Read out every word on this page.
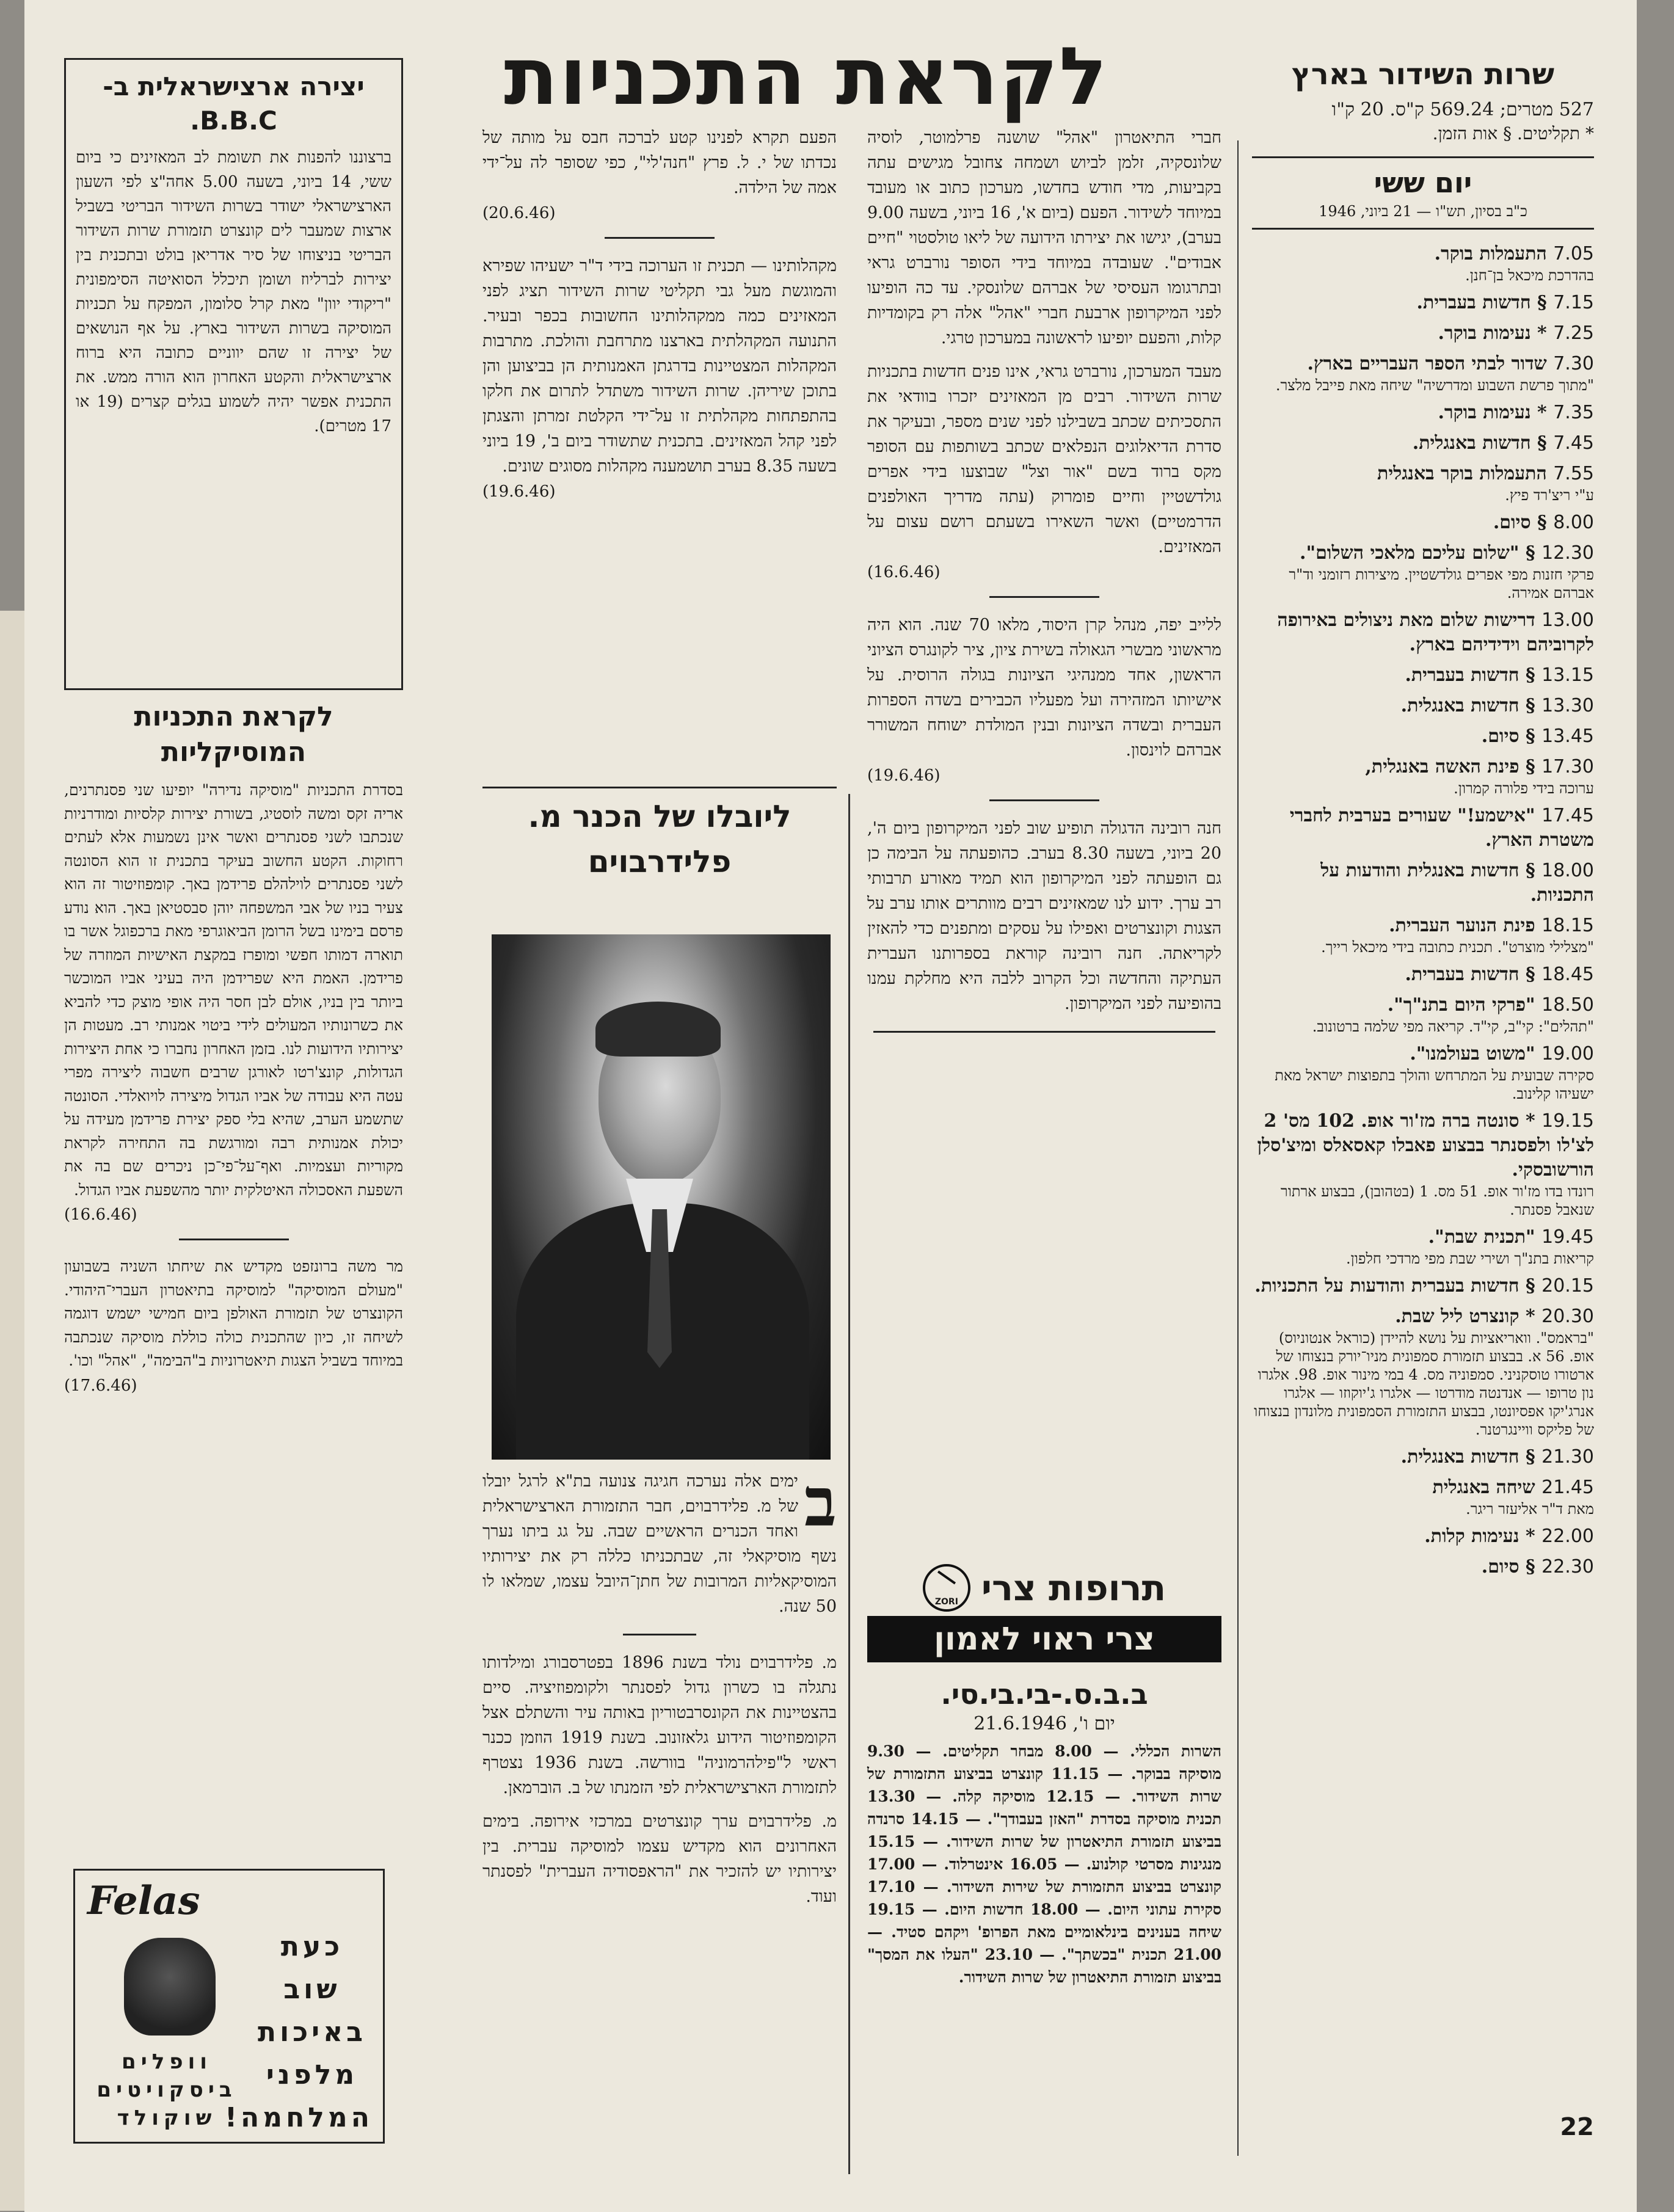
לקראת התכניות	שרות השידור בארץ
527 מטרים; 569.24 ק"ס. 20 ק"ו
* תקליטים. § אות הזמן.
יום ששי
כ"ב בסיון, תש"ו — 21 ביוני, 1946
7.05 התעמלות בוקר.
בהדרכת מיכאל בן־חנן.
7.15 § חדשות בעברית.
7.25 * נעימות בוקר.
7.30 שדור לבתי הספר העבריים בארץ.
"מתוך פרשת השבוע ומדרשיה" שיחה מאת פייבל מלצר.
7.35 * נעימות בוקר.
7.45 § חדשות באנגלית.
7.55 התעמלות בוקר באנגלית
ע"י ריצ'רד פיץ.
8.00 § סיום.
12.30 § "שלום עליכם מלאכי השלום".
פרקי חזנות מפי אפרים גולדשטיין. מיצירות רזומני וד"ר אברהם אמירה.
13.00 דרישות שלום מאת ניצולים באירופה לקרוביהם וידידיהם בארץ.
13.15 § חדשות בעברית.
13.30 § חדשות באנגלית.
13.45 § סיום.
17.30 § פינת האשה באנגלית,
ערוכה בידי פלורה קמרון.
17.45 "אישמע!" שעורים בערבית לחברי משטרת הארץ.
18.00 § חדשות באנגלית והודעות על התכניות.
18.15 פינת הנוער העברית.
"מצלילי מוצרט". תכנית כתובה בידי מיכאל רייך.
18.45 § חדשות בעברית.
18.50 "פרקי היום בתנ"ך".
"תהלים": קי"ב, קי"ד. קריאה מפי שלמה ברטונוב.
19.00 "משוט בעולמנו".
סקירה שבועית על המתרחש והולך בתפוצות ישראל מאת ישעיהו קלינוב.
19.15 * סונטה ברה מז'ור אופ. 102 מס' 2 לצ'לו ולפסנתר בבצוע פאבלו קאסאלס ומיצ'סלן הורשובסקי.
רונדו בדו מז'ור אופ. 51 מס. 1 (בטהובן), בבצוע ארתור שנאבל פסנתר.
19.45 "תכנית שבת".
קריאות בתנ"ך ושירי שבת מפי מרדכי חלפון.
20.15 § חדשות בעברית והודעות על התכניות.
20.30 * קונצרט ליל שבת.
"בראמס". וואריאציות על נושא להיידן (כוראל אנטוניוס) אופ. 56 א. בבצוע תזמורת סמפונית מניו־יורק בנצוחו של ארטורו טוסקניני. סמפוניה מס. 4 במי מינור אופ. 98. אלגרו נון טרופו — אנדנטה מודרטו — אלגרו ג'יוקוזו — אלגרו אנרג'יקו אפסיונטו, בבצוע התזמורת הסמפונית מלונדון בנצוחו של פליקס וויינגרטנר.
21.30 § חדשות באנגלית.
21.45 שיחה באנגלית
מאת ד"ר אליעזר ריגר.
22.00 * נעימות קלות.
22.30 § סיום.

חברי התיאטרון "אהל" שושנה פרלמוטר, לוסיה שלונסקיה, זלמן לביוש ושמחה צחובל מגישים עתה בקביעות, מדי חודש בחדשו, מערכון כתוב או מעובד במיוחד לשידור. הפעם (ביום א', 16 ביוני, בשעה 9.00 בערב), יגישו את יצירתו הידועה של ליאו טולסטוי "חיים אבודים". שעובדה במיוחד בידי הסופר נורברט גראי ובתרגומו העסיסי של אברהם שלונסקי. עד כה הופיעו לפני המיקרופון ארבעת חברי "אהל" אלה רק בקומדיות קלות, והפעם יופיעו לראשונה במערכון טרגי.

מעבד המערכון, נורברט גראי, אינו פנים חדשות בתכניות שרות השידור. רבים מן המאזינים יזכרו בוודאי את התסכיתים שכתב בשבילנו לפני שנים מספר, ובעיקר את סדרת הדיאלוגים הנפלאים שכתב בשותפות עם הסופר מקס ברוד בשם "אור וצל" שבוצעו בידי אפרים גולדשטיין וחיים פומרוק (עתה מדריך האולפנים הדרמטיים) ואשר השאירו בשעתם רושם עצום על המאזינים.

(16.6.46)

ללייב יפה, מנהל קרן היסוד, מלאו 70 שנה. הוא היה מראשוני מבשרי הגאולה בשירת ציון, ציר לקונגרס הציוני הראשון, אחד ממנהיגי הציונות בגולה הרוסית. על אישיותו המזהירה ועל מפעליו הכבירים בשדה הספרות העברית ובשדה הציונות ובנין המולדת ישוחח המשורר אברהם לוינסון.

(19.6.46)

חנה רובינה הדגולה תופיע שוב לפני המיקרופון ביום ה', 20 ביוני, בשעה 8.30 בערב. כהופעתה על הבימה כן גם הופעתה לפני המיקרופון הוא תמיד מאורע תרבותי רב ערך. ידוע לנו שמאזינים רבים מוותרים אותו ערב על הצגות וקונצרטים ואפילו על עסקים ומתפנים כדי להאזין לקריאתה. חנה רובינה קוראת בספרותנו העברית העתיקה והחדשה וכל הקרוב ללבה היא מחלקת עמנו בהופיעה לפני המיקרופון.

תרופות צרי
ZORI
צרי ראוי לאמון
ב.ב.ס.-בי.בי.סי.
יום ו', 21.6.1946

השרות הכללי. — 8.00 מבחר תקליטים. — 9.30 מוסיקה בבוקר. — 11.15 קונצרט בביצוע התזמורת של שרות השידור. — 12.15 מוסיקה קלה. — 13.30 תכנית מוסיקה בסדרת "האזן בעבודך". — 14.15 סרנדה בביצוע תזמורת התיאטרון של שרות השידור. — 15.15 מנגינות מסרטי קולנוע. — 16.05 אינטרלוד. — 17.00 קונצרט בביצוע התזמורת של שירות השידור. — 17.10 סקירת עתוני היום. — 18.00 חדשות היום. — 19.15 שיחה בענינים בינלאומיים מאת הפרופ' ויקהם סטיד. — 21.00 תכנית "בכשתך". — 23.10 "העלו את המסך" בביצוע תזמורת התיאטרון של שרות השידור.

הפעם תקרא לפנינו קטע לברכה חבס על מותה של נכדתו של י. ל. פרץ "חנה'לי", כפי שסופר לה על־ידי אמה של הילדה.

(20.6.46)

מקהלותינו — תכנית זו הערוכה בידי ד"ר ישעיהו שפירא והמוגשת מעל גבי תקליטי שרות השידור תציג לפני המאזינים כמה ממקהלותינו החשובות בכפר ובעיר. התנועה המקהלתית בארצנו מתרחבת והולכת. מתרבות המקהלות המצטיינות בדרגתן האמנותית הן בביצוען והן בתוכן שיריהן. שרות השידור משתדל לתרום את חלקו בהתפתחות מקהלתית זו על־ידי הקלטת זמרתן והצגתן לפני קהל המאזינים. בתכנית שתשודר ביום ב', 19 ביוני בשעה 8.35 בערב תושמענה מקהלות מסוגים שונים.

(19.6.46)
ליובלו של הכנר מ. פלידרבוים

ב
ימים אלה נערכה חגיגה צנועה בת"א לרגל יובלו של מ. פלידרבוים, חבר התזמורת הארצישראלית ואחד הכנרים הראשיים שבה. על גג ביתו נערך נשף מוסיקאלי זה, שבתכניתו כללה רק את יצירותיו המוסיקאליות המרובות של חתן־היובל עצמו, שמלאו לו 50 שנה.

מ. פלידרבוים נולד בשנת 1896 בפטרסבורג ומילדותו נתגלה בו כשרון גדול לפסנתר ולקומפוזיציה. סיים בהצטיינות את הקונסרבטוריון באותה עיר והשתלם אצל הקומפוזיטור הידוע גלאזונוב. בשנת 1919 הוזמן ככנר ראשי ל"פילהרמוניה" בוורשה. בשנת 1936 נצטרף לתזמורת הארצישראלית לפי הזמנתו של ב. הוברמאן.

מ. פלידרבוים ערך קונצרטים במרכזי אירופה. בימים האחרונים הוא מקדיש עצמו למוסיקה עברית. בין יצירותיו יש להזכיר את "הראפסודיה העברית" לפסנתר ועוד.

יצירה ארצישראלית ב-B.B.C.

ברצוננו להפנות את תשומת לב המאזינים כי ביום ששי, 14 ביוני, בשעה 5.00 אחה"צ לפי השעון הארצישראלי ישודר בשרות השידור הבריטי בשביל ארצות שמעבר לים קונצרט תזמורת שרות השידור הבריטי בניצוחו של סיר אדריאן בולט ובתכנית בין יצירות לברליוז ושומן תיכלל הסואיטה הסימפונית "ריקודי יוון" מאת קרל סלומון, המפקח על תכניות המוסיקה בשרות השידור בארץ. על אף הנושאים של יצירה זו שהם יווניים כתובה היא ברוח ארצישראלית והקטע האחרון הוא הורה ממש. את התכנית אפשר יהיה לשמוע בגלים קצרים (19 או 17 מטרים).

לקראת התכניות המוסיקליות

בסדרת התכניות "מוסיקה נדירה" יופיעו שני פסנתרנים, אריה זקס ומשה לוסטיג, בשורת יצירות קלסיות ומודרניות שנכתבו לשני פסנתרים ואשר אינן נשמעות אלא לעתים רחוקות. הקטע החשוב בעיקר בתכנית זו הוא הסונטה לשני פסנתרים לוילהלם פרידמן באך. קומפוזיטור זה הוא צעיר בניו של אבי המשפחה יוהן סבסטיאן באך. הוא נודע פרסם בימינו בשל הרומן הביאוגרפי מאת ברכפוגל אשר בו תוארה דמותו חפשי ומופרז במקצת האישיות המוזרה של פרידמן. האמת היא שפרידמן היה בעיני אביו המוכשר ביותר בין בניו, אולם לבן חסר היה אופי מוצק כדי להביא את כשרונותיו המעולים לידי ביטוי אמנותי רב. מעטות הן יצירותיו הידועות לנו. בזמן האחרון נחברו כי אחת היצירות הגדולות, קונצ'רטו לאורגן שרבים חשבוה ליצירה מפרי עטה היא עבודה של אביו הגדול מיצירה לויואלדי. הסונטה שתשמע הערב, שהיא בלי ספק יצירת פרידמן מעידה על יכולת אמנותית רבה ומורגשת בה התחירה לקראת מקוריות ועצמיות. ואף־על־פי־כן ניכרים שם בה את השפעת האסכולה האיטלקית יותר מהשפעת אביו הגדול.

(16.6.46)

מר משה ברונזפט מקדיש את שיחתו השניה בשבועון "מעולם המוסיקה" למוסיקה בתיאטרון העברי־היהודי. הקונצרט של תזמורת האולפן ביום חמישי ישמש דוגמה לשיחה זו, כיון שהתכנית כולה כוללת מוסיקה שנכתבה במיוחד בשביל הצגות תיאטרוניות ב"הבימה", "אהל" וכו'.

(17.6.46)
כעת שוב באיכות מלפני המלחמה!
Felas
וופלים ביסקויטים שוקולד	22
